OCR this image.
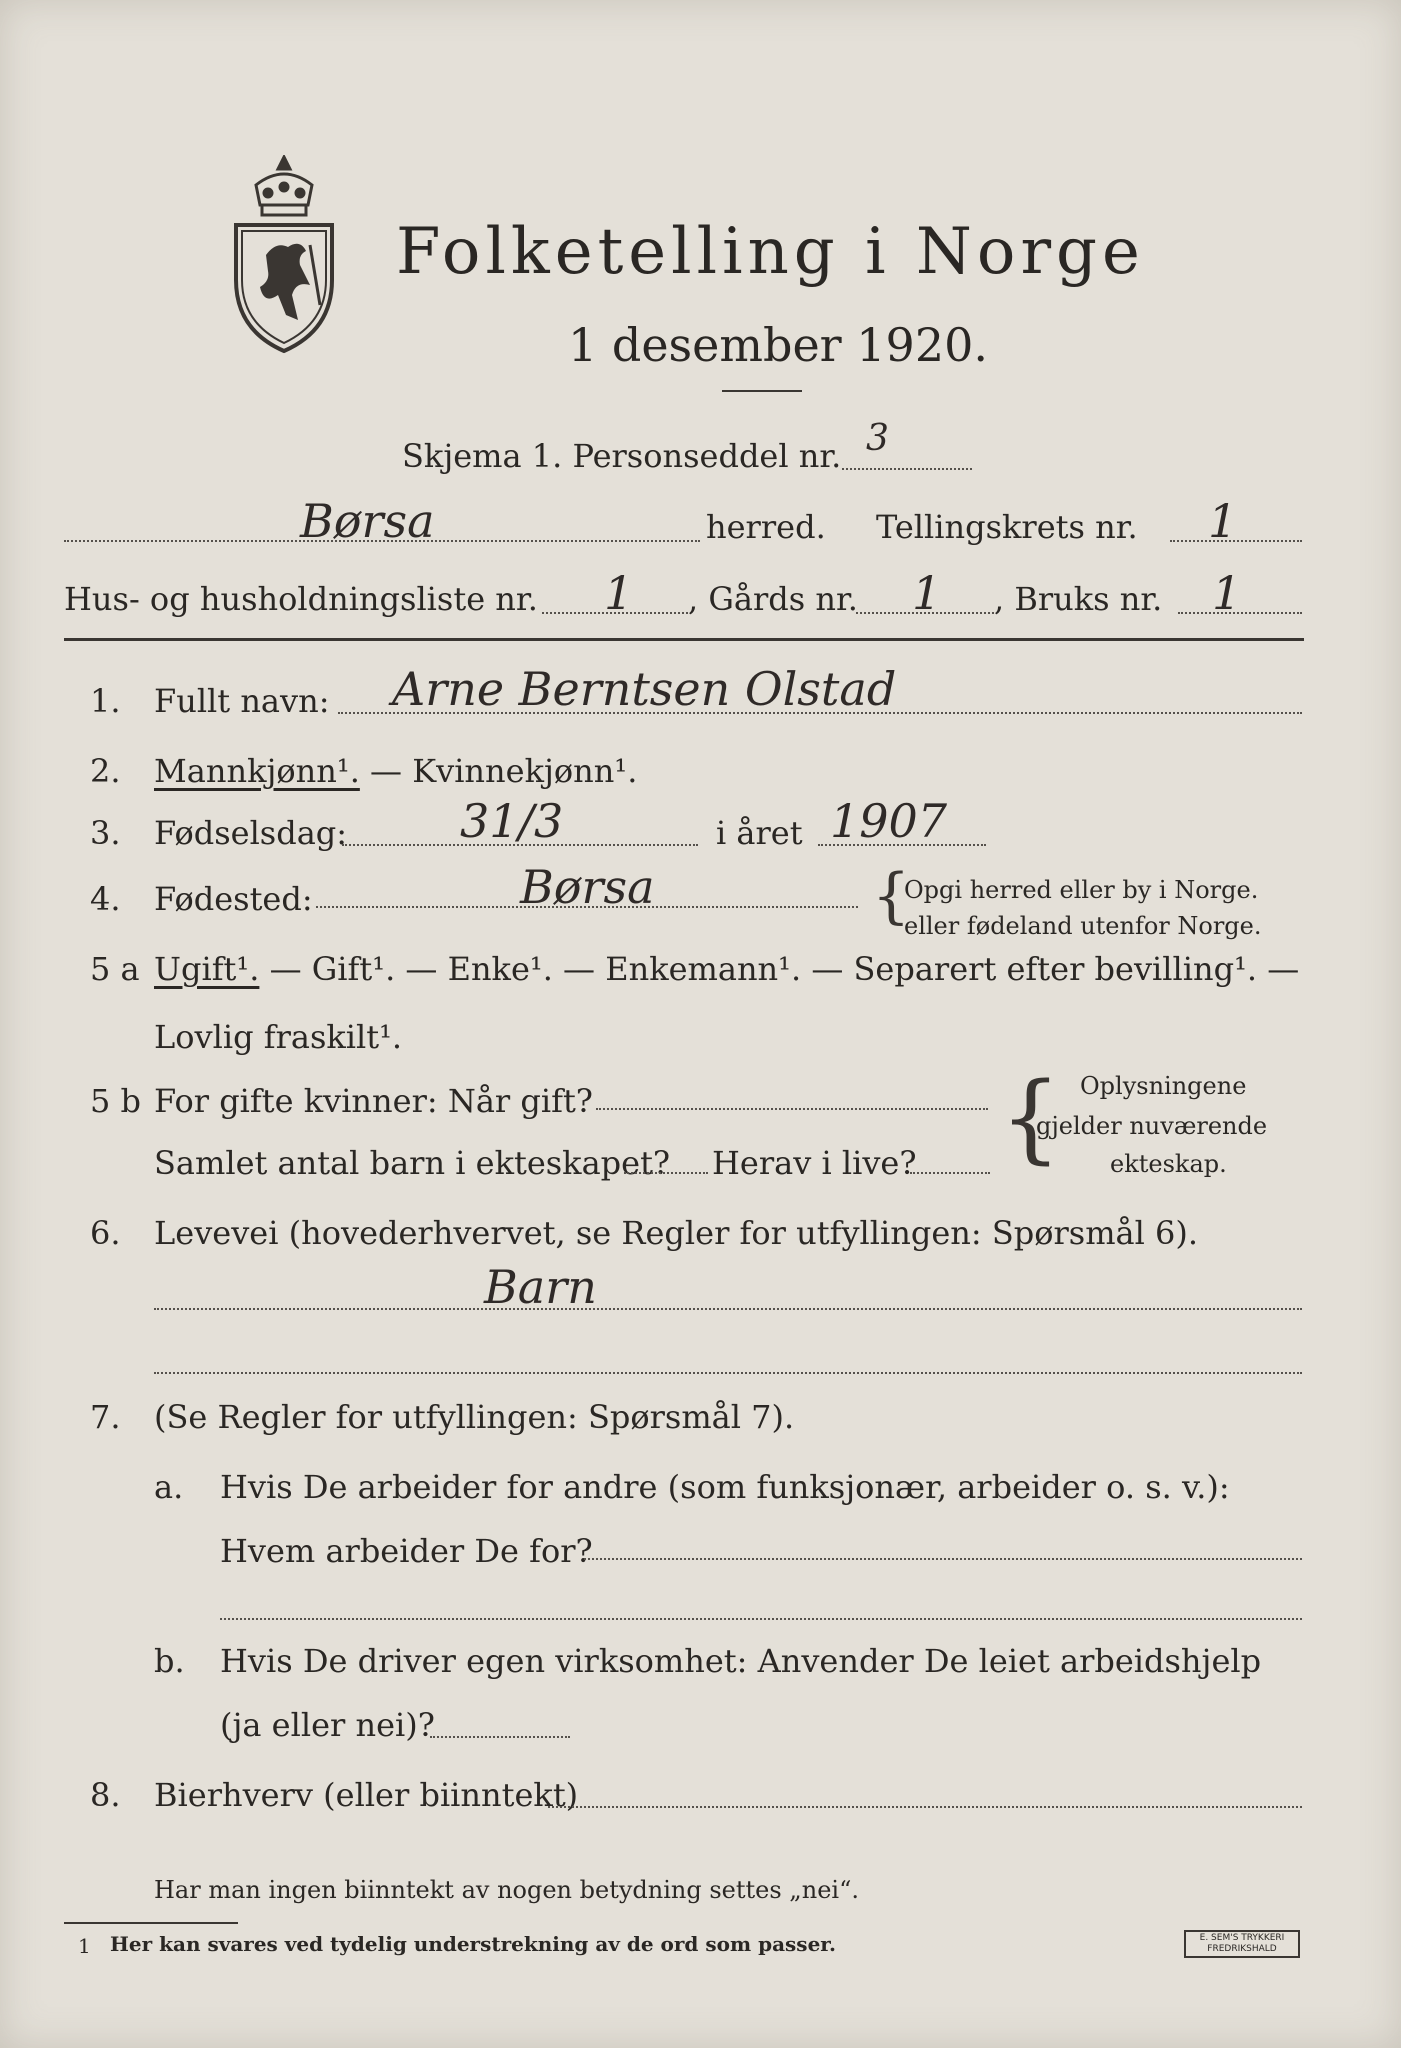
Folketelling i Norge
1 desember 1920.
Skjema 1. Personseddel nr. 3
Børsa	herred. Tellingskrets nr. 1
Hus- og husholdningsliste nr. 1 , Gårds nr. 1 , Bruks nr. 1
1. Fullt navn: Arne Berntsen Olstad
2. Mannkjønn¹. — Kvinnekjønn¹.
3. Fødselsdag: 31/3	i året 1907
4. Fødested:	Børsa	{
Opgi herred eller by i Norge.
eller fødeland utenfor Norge.
5 a Ugift¹. — Gift¹. — Enke¹. — Enkemann¹. — Separert efter bevilling¹. —
Lovlig fraskilt¹.
5 b For gifte kvinner: Når gift?
Samlet antal barn i ekteskapet? Herav i live? { Oplysningene
gjelder nuværende
ekteskap.
6. Levevei (hovederhvervet, se Regler for utfyllingen: Spørsmål 6).
Barn
7. (Se Regler for utfyllingen: Spørsmål 7).
a. Hvis De arbeider for andre (som funksjonær, arbeider o. s. v.):
Hvem arbeider De for?
b. Hvis De driver egen virksomhet: Anvender De leiet arbeidshjelp
(ja eller nei)?
8. Bierhverv (eller biinntekt)
Har man ingen biinntekt av nogen betydning settes „nei“.
1 Her kan svares ved tydelig understrekning av de ord som passer.	E. SEM'S TRYKKERI
FREDRIKSHALD
